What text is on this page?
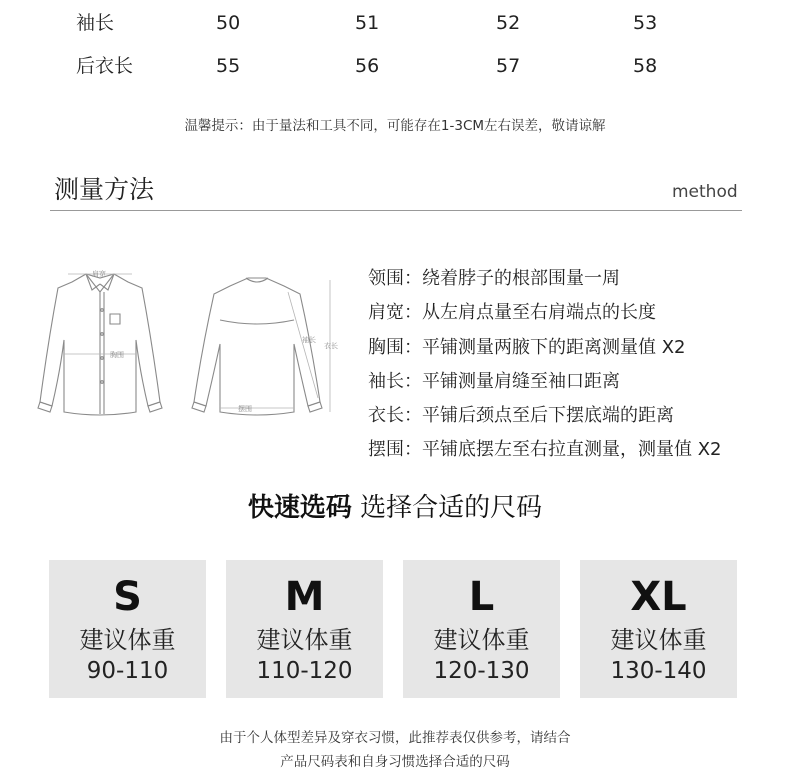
袖长	50	51	52	53
后衣长	55	56	57	58
温馨提示：由于量法和工具不同，可能存在1-3CM左右误差，敬请谅解
测量方法	method
肩宽
胸围
摆围
袖长
衣长
领围：绕着脖子的根部围量一周
肩宽：从左肩点量至右肩端点的长度
胸围：平铺测量两腋下的距离测量值 X2
袖长：平铺测量肩缝至袖口距离
衣长：平铺后颈点至后下摆底端的距离
摆围：平铺底摆左至右拉直测量，测量值 X2
快速选码 选择合适的尺码
S
建议体重
90-110
M
建议体重
110-120
L
建议体重
120-130
XL
建议体重
130-140
由于个人体型差异及穿衣习惯，此推荐表仅供参考，请结合
产品尺码表和自身习惯选择合适的尺码
